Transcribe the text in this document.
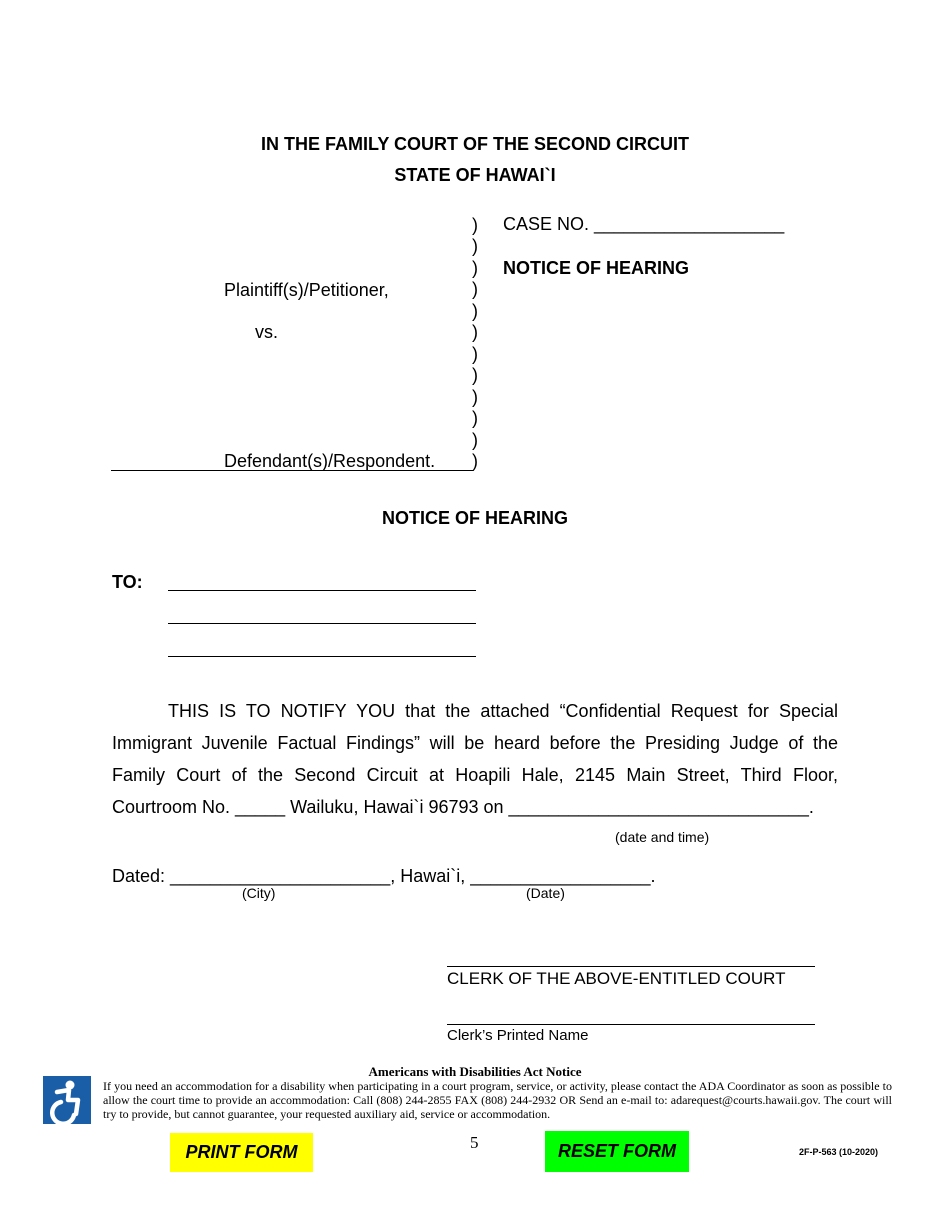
IN THE FAMILY COURT OF THE SECOND CIRCUIT
STATE OF HAWAI`I
)
)
)
)
)
)
)
)
)
)
)
)
CASE NO. ___________________
NOTICE OF HEARING
Plaintiff(s)/Petitioner,
vs.
Defendant(s)/Respondent.
NOTICE OF HEARING
TO:
THIS IS TO NOTIFY YOU that the attached “Confidential Request for Special Immigrant Juvenile Factual Findings” will be heard before the Presiding Judge of the Family Court of the Second Circuit at Hoapili Hale, 2145 Main Street, Third Floor, Courtroom No. _____ Wailuku, Hawai`i 96793 on ______________________________.
(date and time)
Dated: ______________________, Hawai`i, __________________.
(City)	(Date)
CLERK OF THE ABOVE-ENTITLED COURT
Clerk’s Printed Name
Americans with Disabilities Act Notice
If you need an accommodation for a disability when participating in a court program, service, or activity, please contact the ADA Coordinator as soon as possible to allow the court time to provide an accommodation: Call (808) 244-2855 FAX (808) 244-2932 OR Send an e-mail to: adarequest@courts.hawaii.gov. The court will try to provide, but cannot guarantee, your requested auxiliary aid, service or accommodation.
PRINT FORM	5	RESET FORM	2F-P-563 (10-2020)
